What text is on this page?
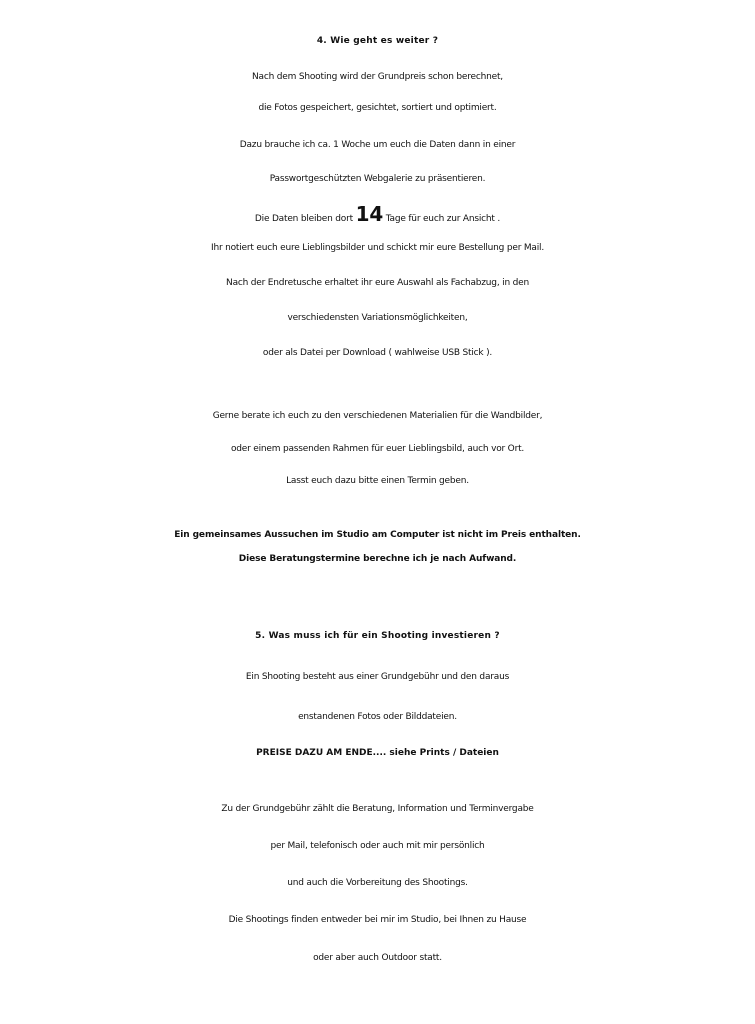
4. Wie geht es weiter ?
Nach dem Shooting wird der Grundpreis schon berechnet,
die Fotos gespeichert, gesichtet, sortiert und optimiert.
Dazu brauche ich ca. 1 Woche um euch die Daten dann in einer
Passwortgeschützten Webgalerie zu präsentieren.
Die Daten bleiben dort 14 Tage für euch zur Ansicht .
Ihr notiert euch eure Lieblingsbilder und schickt mir eure Bestellung per Mail.
Nach der Endretusche erhaltet ihr eure Auswahl als Fachabzug, in den
verschiedensten Variationsmöglichkeiten,
oder als Datei per Download ( wahlweise USB Stick ).
Gerne berate ich euch zu den verschiedenen Materialien für die Wandbilder,
oder einem passenden Rahmen für euer Lieblingsbild, auch vor Ort.
Lasst euch dazu bitte einen Termin geben.
Ein gemeinsames Aussuchen im Studio am Computer ist nicht im Preis enthalten.
Diese Beratungstermine berechne ich je nach Aufwand.
5. Was muss ich für ein Shooting investieren ?
Ein Shooting besteht aus einer Grundgebühr und den daraus
enstandenen Fotos oder Bilddateien.
PREISE DAZU AM ENDE.... siehe Prints / Dateien
Zu der Grundgebühr zählt die Beratung, Information und Terminvergabe
per Mail, telefonisch oder auch mit mir persönlich
und auch die Vorbereitung des Shootings.
Die Shootings finden entweder bei mir im Studio, bei Ihnen zu Hause
oder aber auch Outdoor statt.
